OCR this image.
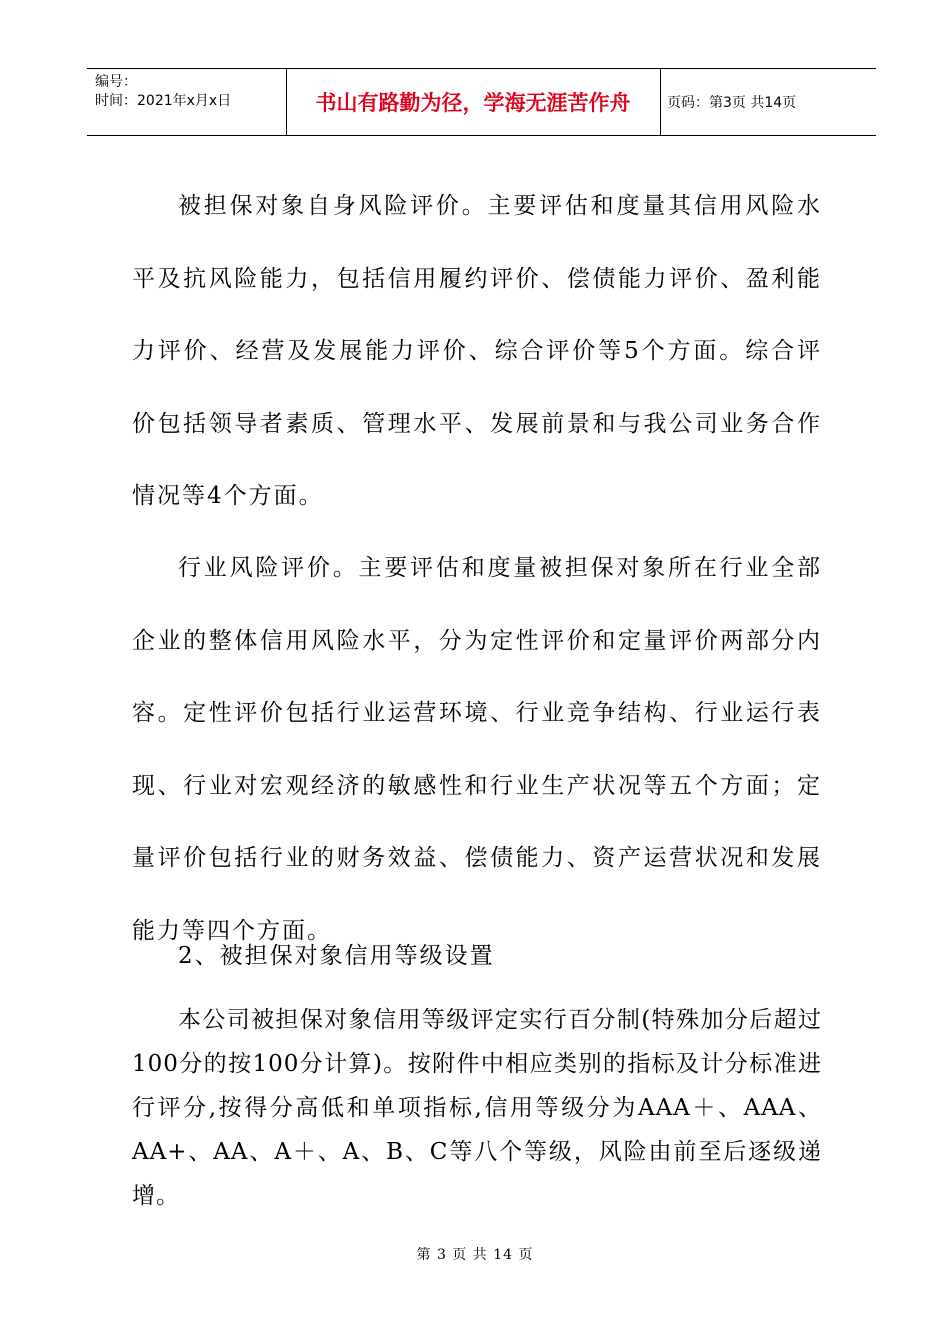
编号：
时间：2021年x月x日	书山有路勤为径，学海无涯苦作舟	页码：第3页 共14页

被担保对象自身风险评价。主要评估和度量其信用风险水平及抗风险能力，包括信用履约评价、偿债能力评价、盈利能力评价、经营及发展能力评价、综合评价等5个方面。综合评价包括领导者素质、管理水平、发展前景和与我公司业务合作情况等4个方面。

行业风险评价。主要评估和度量被担保对象所在行业全部企业的整体信用风险水平，分为定性评价和定量评价两部分内容。定性评价包括行业运营环境、行业竞争结构、行业运行表现、行业对宏观经济的敏感性和行业生产状况等五个方面；定量评价包括行业的财务效益、偿债能力、资产运营状况和发展能力等四个方面。

2、被担保对象信用等级设置

本公司被担保对象信用等级评定实行百分制(特殊加分后超过100分的按100分计算)。按附件中相应类别的指标及计分标准进行评分,按得分高低和单项指标,信用等级分为AAA＋、AAA、AA+、AA、A＋、A、B、C等八个等级，风险由前至后逐级递增。

第 3 页 共 14 页
